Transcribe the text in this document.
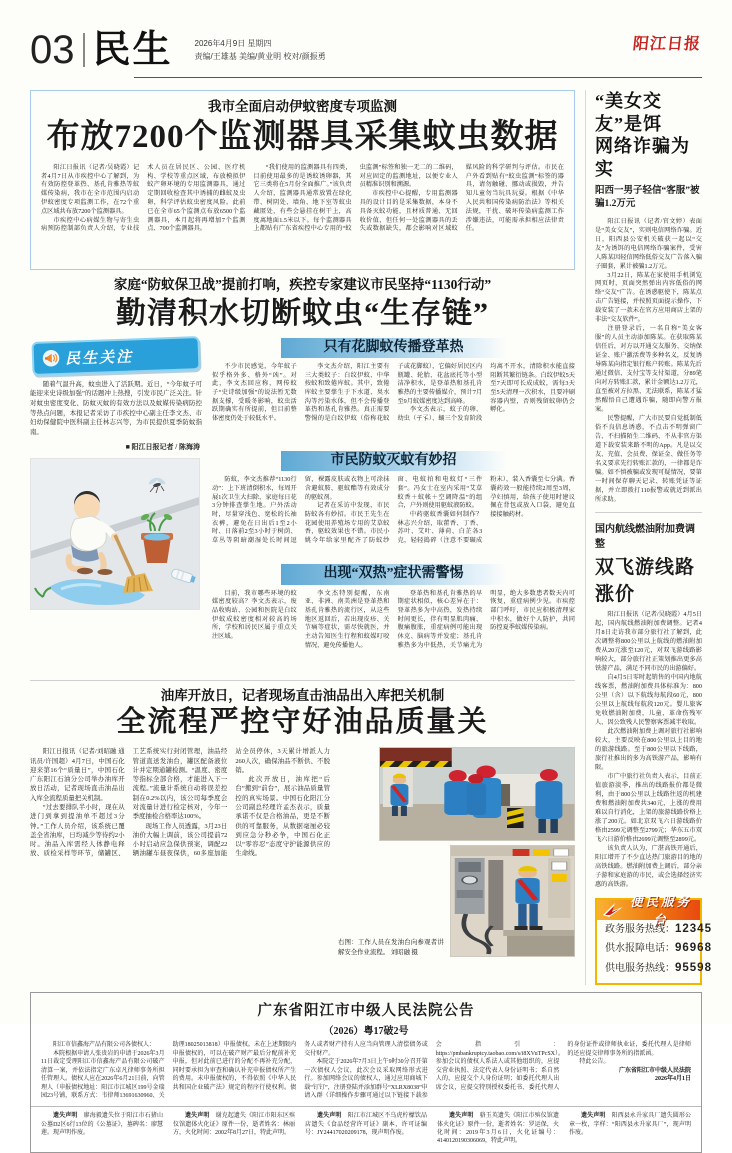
03 民生	2026年4月9日 星期四
责编/王雄基 美编/黄业明 校对/颜振勇
阳江日报
我市全面启动伊蚊密度专项监测
布放7200个监测器具采集蚊虫数据

阳江日报讯（记者/吴晓霞）记者4月7日从市疾控中心了解到，为有效防控登革热、基孔肯雅热等蚊媒传染病，我市在全市范围内启动伊蚊密度专项监测工作，在72个重点区域共布放7200个监测器具。

市疾控中心病媒生物与寄生虫病预防控制部负责人介绍，专业技术人员在居民区、公园、医疗机构、学校等重点区域，布放模拟伊蚊产卵环境的专用监测器具，通过定期回收检查其中诱捕的雌蚊及虫卵，科学评估蚊虫密度风险。此前已在全市65个监测点布放6500个监测器具，本月起将再增加7个监测点、700个监测器具。

“我们使用的监测器具有四类，目前使用最多的是诱蚊诱卵器，其它三类将在5月份全面推广。”该负责人介绍，监测器具通常放置在绿化带、树阴处、墙角、地下室等蚊虫藏匿处，有些会悬挂在树干上，高度离地面1.5米以下。每个监测器具上都贴有广东省疾控中心专用的“蚊虫监测”标签和独一无二的二维码，对应固定的监测地址，以便专业人员精准识别和溯源。

市疾控中心提醒，专用监测器具的设计目的是采集数据，本身不具备灭蚊功能，且材质普通、无回收价值，但任何一处监测器具的丢失或数据缺失，都会影响对区域蚊媒风险的科学研判与评估。市民在户外看到贴有“蚊虫监测”标签的器具，请勿触碰、挪动或损毁，并告知儿童勿当玩具玩耍。根据《中华人民共和国传染病防治法》等相关法规，干扰、破坏传染病监测工作涉嫌违法，可能需承担相应法律责任。

家庭“防蚊保卫战”提前打响，疾控专家建议市民坚持“1130行动”
勤清积水切断蚊虫“生存链”
民生关注

随着气温升高，蚊虫进入了活跃期。近日，“今年蚊子可能迎来史诗级加强”的话题冲上热搜，引发市民广泛关注。针对蚊虫密度变化、防蚊灭蚊的有效方法以及蚊媒传染病防控等热点问题，本报记者采访了市疾控中心副主任李文杰、市妇幼保健院中医科副主任林志兴等，为市民提供夏季防蚊指南。

■ 阳江日报记者 / 陈海涛
只有花脚蚊传播登革热

不少市民感觉，今年蚊子似乎格外多、格外“凶”。对此，李文杰回应称，网传蚊子“史诗级加强”的说法暂无数据支撑，受暖冬影响，蚊虫活跃期确实有所提前，但目前整体密度仍处于较低水平。

李文杰介绍，阳江主要有三大类蚊子：白纹伊蚊、中华按蚊和致倦库蚊。其中，致倦库蚊主要孳生于下水道、臭水沟等污染水体，但不会传播登革热和基孔肯雅热。真正需要警惕的是白纹伊蚊（俗称花蚊子或花脚蚊），它偏好居民区内瓶罐、轮胎、花盆底托等小型洁净积水，是登革热和基孔肯雅热的主要传播媒介，预计7月至9月蚊媒密度达到高峰。

李文杰表示，蚊子的卵、幼虫（孑孓）、蛹三个发育阶段均离不开水，清除积水能直接阻断其繁衍链条。白纹伊蚊5天至7天即可长成成蚊，需每3天至5天清理一次积水，且要冲刷容器内壁，否则残留蚊卵仍会孵化。

市民防蚊灭蚊有妙招

防蚊，李文杰推荐“1130行动”：上下班清倒积水，每周开展1次卫生大扫除，家庭每日花3分钟排查孳生地。户外活动时，尽量穿浅色、宽松的长袖衣裤，避免在日出后1至2小时、日落前2至3小时于树荫、草丛等阴暗潮湿处长时间逗留，裸露皮肤或衣物上可涂抹含避蚊胺、驱蚊酯等有效成分的驱蚊剂。

记者在采访中发现，市民防蚊各有妙招。市民王先生在花园使用养殖场专用的艾草蚊香，驱蚊效果也不错。市民小姚今年给家里配齐了防蚊纱窗、电蚊拍和电蚊灯“三件套”。冯女士在室内采用“艾草蚊香＋蚊帐＋空调降温”的组合，户外则使用驱蚊液防蚊。

中药驱蚊香囊如何制作？林志兴介绍，取藿香、丁香、苏叶、艾叶、薄荷、白芷各3克，轻轻捣碎（注意不要碾成粉末），装入香囊至七分满。香囊药效一般能持续2周至3周，孕妇慎用，给孩子使用时建议佩在背包或放入口袋，避免直接接触药材。

出现“双热”症状需警惕

目前，我市哪些环境的蚊媒密度较高？李文杰表示，废品收购站、公园和医院是白纹伊蚊成蚊密度相对较高的场所，学校和居民区属于重点关注区域。

李文杰特别提醒，东南亚、非洲、南美洲是登革热和基孔肯雅热的流行区，从这些地区返回后，若出现皮疹、关节痛等症状，需尽快就医，并主动告知医生行程和蚊媒叮咬情况，避免传播他人。

登革热和基孔肯雅热的早期症状相似，核心差异在于：登革热多为中高热，发热持续时间更长，伴有明显肌肉痛、腹痛腹胀，重症病例可能出现休克、脑病等并发症；基孔肯雅热多为中低热，关节痛尤为明显，绝大多数患者数天内可恢复，重症病例少见。市疾控部门呼吁，市民应积极清理家中积水，做好个人防护，共同防控夏季蚊媒传染病。

油库开放日，记者现场直击油品出入库把关机制
全流程严控守好油品质量关

阳江日报讯（记者/刘昭融 通讯员/许国超）4月7日，中国石化迎来第16个“质量日”，中国石化广东阳江石油分公司举办油库开放日活动，记者现场直击油品出入库全流程质量把关机制。

“过去要排队半小时，现在从进门到拿到提油单不超过3分钟。”工作人员介绍，该系统已覆盖全省油库，日均减少等待约2小时。油品入库需经人体静电释放、质检采样等环节，储罐区、工艺系统实行封闭管理，油品经管道直送发油台，罐区配备液位计并定期通罐检测。“温度、密度等指标全部合格，才能进入下一流程。”流量计系统自动将误差控制在0.2%以内，该公司每季度会对流量计进行检定核对，今年一季度抽检合格率达100%。

现场工作人员透露，3月23日油价大幅上调前，该公司提前72小时启动应急保供预案，调配22辆油罐车昼夜保供，60多座加能站全员停休，3天累计增派人力260人次，确保油品不断供、不脱销。

此次开放日，油库把“后台”搬到“前台”，展示油品质量管控的真实场景。中国石化阳江分公司副总经理许孟杰表示，质量承诺不仅是合格油品，更是不断供的可靠服务，从数据毫厘必较到应急分秒必争，中国石化正以“零容忍”态度守护能源供应的生命线。

右图：工作人员在发油台向参观者讲解安全作业流程。 刘昭融 摄
“美女交友”是饵
网络诈骗为实
阳西一男子轻信“客服”被骗1.2万元

阳江日报讯（记者/官文婷）表面是“美女交友”，实则电信网络诈骗。近日，阳西县公安机关破获一起以“交友”为诱饵的电信网络诈骗案件，受害人陈某因轻信网络低俗交友广告落入骗子圈套，累计被骗1.2万元。

3月22日，陈某在家使用手机浏览网页时，页面突然弹出内容低俗的网络“交友”广告。在诱惑驱使下，陈某点击广告链接，并按照页面提示操作，下载安装了一款未在官方应用商店上架的非法“交友软件”。

注册登录后，一名自称“美女客服”的人员主动添加陈某。在获取陈某信任后，对方以开通交友服务、交纳保证金、账户激活费等多种名义，反复诱导陈某向指定银行账户转账。陈某先后通过微信、支付宝等支付渠道，分89笔向对方转账汇款，累计金额达1.2万元，直至被对方拉黑、无法联系，陈某才猛然醒悟自己遭遇诈骗，随即向警方报案。

民警提醒，广大市民要自觉抵制低俗不良信息诱惑，不点击不明弹窗广告、不扫描陌生二维码、不从非官方渠道下载安装来路不明的App。凡是以交友、充值、会员费、保证金、做任务等名义要求先行转账汇款的，一律都是诈骗。如不慎被骗或发现可疑情况，要第一时间保存聊天记录、转账凭证等证据，并立即拨打110报警或就近到派出所求助。

国内航线燃油附加费调整
双飞游线路涨价

阳江日报讯（记者/吴晓霞）4月5日起，国内航线燃油附加费调整。记者4月8日走访我市部分旅行社了解到，此次调整将800公里以上航线的燃油附加费从20元涨至120元，对双飞游线路影响较大，部分旅行社正策划推出更多高铁游产品，满足不同市民的出游偏好。

自4月5日零时起销售的中国内地航线客票，燃油附加费具体标准为：800公里（含）以下航线每航段60元，800公里以上航线每航段120元。婴儿旅客免收燃油附加费，儿童、革命伤残军人、因公致残人民警察客票减半收取。

此次燃油附加费上调对旅行社影响较大，主要反映在800公里以上目的地的旅游线路。至于800公里以下线路，旅行社推出的多为高铁游产品，影响有限。

市广中旅行社负责人表示，目前正值旅游淡季，推出的线路报价都是微利，由于800公里以上线路往返的机建费和燃油附加费共340元，上涨的费用难以自行消化，上架的旅游线路价格上涨了200元。如北京双飞六日游线路价格由2599元调整至2799元；华东五市双飞六日游价格由2699元调整至2899元。

该负责人认为，广湛高铁开通后，阳江增开了不少直达热门旅游目的地的高铁线路。燃油附加费上调后，部分亲子游和家庭游的市民，或会选择经济实惠的高铁游。

便民服务台
政务服务热线：12345
供水报障电话：96968
供电服务热线：95598
广东省阳江市中级人民法院公告
（2026）粤17破2号

阳江市信鑫海产品有限公司各债权人：

本院根据申请人张贵岩的申请于2026年3月11日裁定受理阳江市信鑫海产品有限公司破产清算一案，并依法指定广东卓凡律师事务所担任管理人。债权人应在2026年6月21日前，向管理人（申报债权地址：阳江市江城区199号金瑞园23号铺，联系方式：韦律师13691630960、关助理18025013818）申报债权。未在上述期限内申报债权的，可以在破产财产最后分配前补充申报，但对此前已进行的分配不再补充分配，同时要承担为审查和确认补充申报债权所产生的费用。未申报债权的，不得依照《中华人民共和国企业破产法》规定的程序行使权利。债务人或者财产持有人应当向管理人清偿债务或交付财产。

本院定于2026年7月3日上午9时30分召开第一次债权人会议，此次会议采取网络形式进行。参加网络会议的债权人，通过应用商城下载“钉钉”，注册登陆并添加群号“XLRX8038”申请入群（详细操作步骤可通过以下链接下载参会指引：https://pmbankruptcy.taobao.com/s/i8XVuTPcSX）。参加会议的债权人系法人或其他组织的，应提交营业执照、法定代表人身份证明书；系自然人的，应提交个人身份证明；如委托代理人出席会议，应提交特别授权委托书、委托代理人的身份证件或律师执业证，委托代理人是律师的还应提交律师事务所的指派函。

特此公告。

广东省阳江市中级人民法院

2026年4月1日

遗失声明　廖海毅遗失位于阳江市石猪山公墓D2区6行13位的《公墓证》，墓碑名：廖慧莲。现声明作废。

遗失声明　谢克起遗失《阳江市阳东区殡仪馆遗体火化证》原件一份，逝者姓名：林丽方，火化时间：2002年8月27日，特此声明。

遗失声明　阳江市江城区不乌虎柠檬饮品店遗失《食品经营许可证》副本，许可证编号：JY24417020209178，现声明作废。

遗失声明　骆玉英遗失《阳江市殡仪馆遗体火化证》原件一份，逝者姓名：罗运保，火化时间：2019年3月6日，火化证编号：4140120190306069，特此声明。

遗失声明　阳西县永升家具厂遗失圆形公章一枚，字样：“阳西县永升家具厂”，现声明作废。
